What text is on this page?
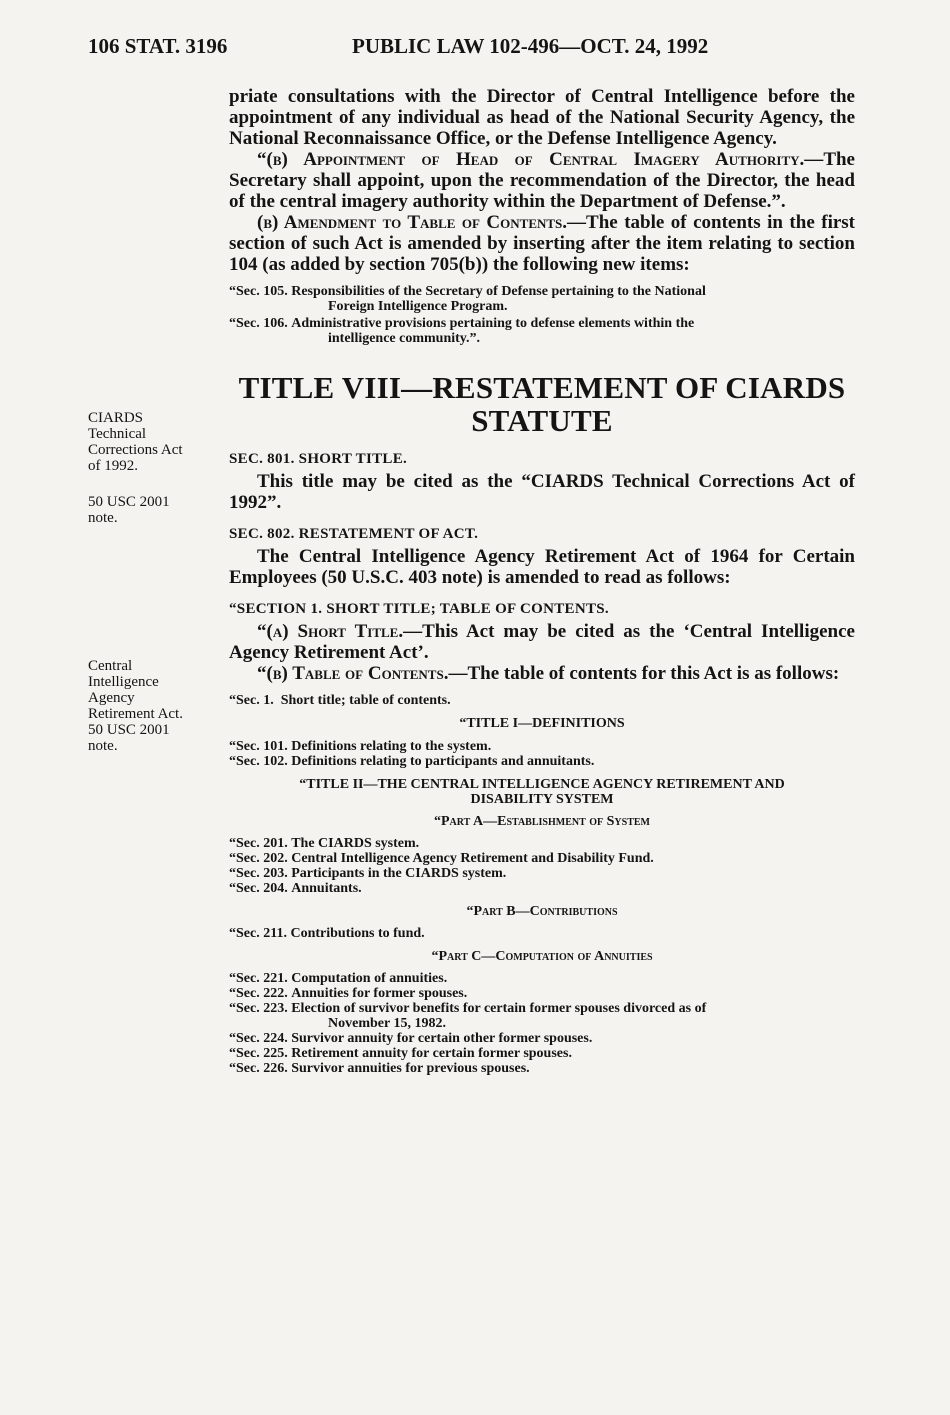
106 STAT. 3196	PUBLIC LAW 102-496—OCT. 24, 1992
CIARDS
Technical
Corrections Act
of 1992.
50 USC 2001
note.
Central
Intelligence
Agency
Retirement Act.
50 USC 2001
note.

priate consultations with the Director of Central Intelligence before the appointment of any individual as head of the National Security Agency, the National Reconnaissance Office, or the Defense Intelligence Agency.

“(b) Appointment of Head of Central Imagery Authority.—The Secretary shall appoint, upon the recommendation of the Director, the head of the central imagery authority within the Department of Defense.”.

(b) Amendment to Table of Contents.—The table of contents in the first section of such Act is amended by inserting after the item relating to section 104 (as added by section 705(b)) the following new items:

“Sec. 105.
Responsibilities of the Secretary of Defense pertaining to the National
Foreign Intelligence Program.
“Sec. 106.
Administrative provisions pertaining to defense elements within the
intelligence community.”.

TITLE VIII—RESTATEMENT OF CIARDS

STATUTE

SEC. 801. SHORT TITLE.

This title may be cited as the “CIARDS Technical Corrections Act of 1992”.

SEC. 802. RESTATEMENT OF ACT.

The Central Intelligence Agency Retirement Act of 1964 for Certain Employees (50 U.S.C. 403 note) is amended to read as follows:

“SECTION 1. SHORT TITLE; TABLE OF CONTENTS.

“(a) Short Title.—This Act may be cited as the ‘Central Intelligence Agency Retirement Act’.

“(b) Table of Contents.—The table of contents for this Act is as follows:

“Sec. 1.
Short title; table of contents.
“TITLE I—DEFINITIONS
“Sec. 101.
Definitions relating to the system.
“Sec. 102.
Definitions relating to participants and annuitants.
“TITLE II—THE CENTRAL INTELLIGENCE AGENCY RETIREMENT AND
DISABILITY SYSTEM
“Part A—Establishment of System
“Sec. 201.
The CIARDS system.
“Sec. 202.
Central Intelligence Agency Retirement and Disability Fund.
“Sec. 203.
Participants in the CIARDS system.
“Sec. 204.
Annuitants.
“Part B—Contributions
“Sec. 211.
Contributions to fund.
“Part C—Computation of Annuities
“Sec. 221.
Computation of annuities.
“Sec. 222.
Annuities for former spouses.
“Sec. 223.
Election of survivor benefits for certain former spouses divorced as of
November 15, 1982.
“Sec. 224.
Survivor annuity for certain other former spouses.
“Sec. 225.
Retirement annuity for certain former spouses.
“Sec. 226.
Survivor annuities for previous spouses.
